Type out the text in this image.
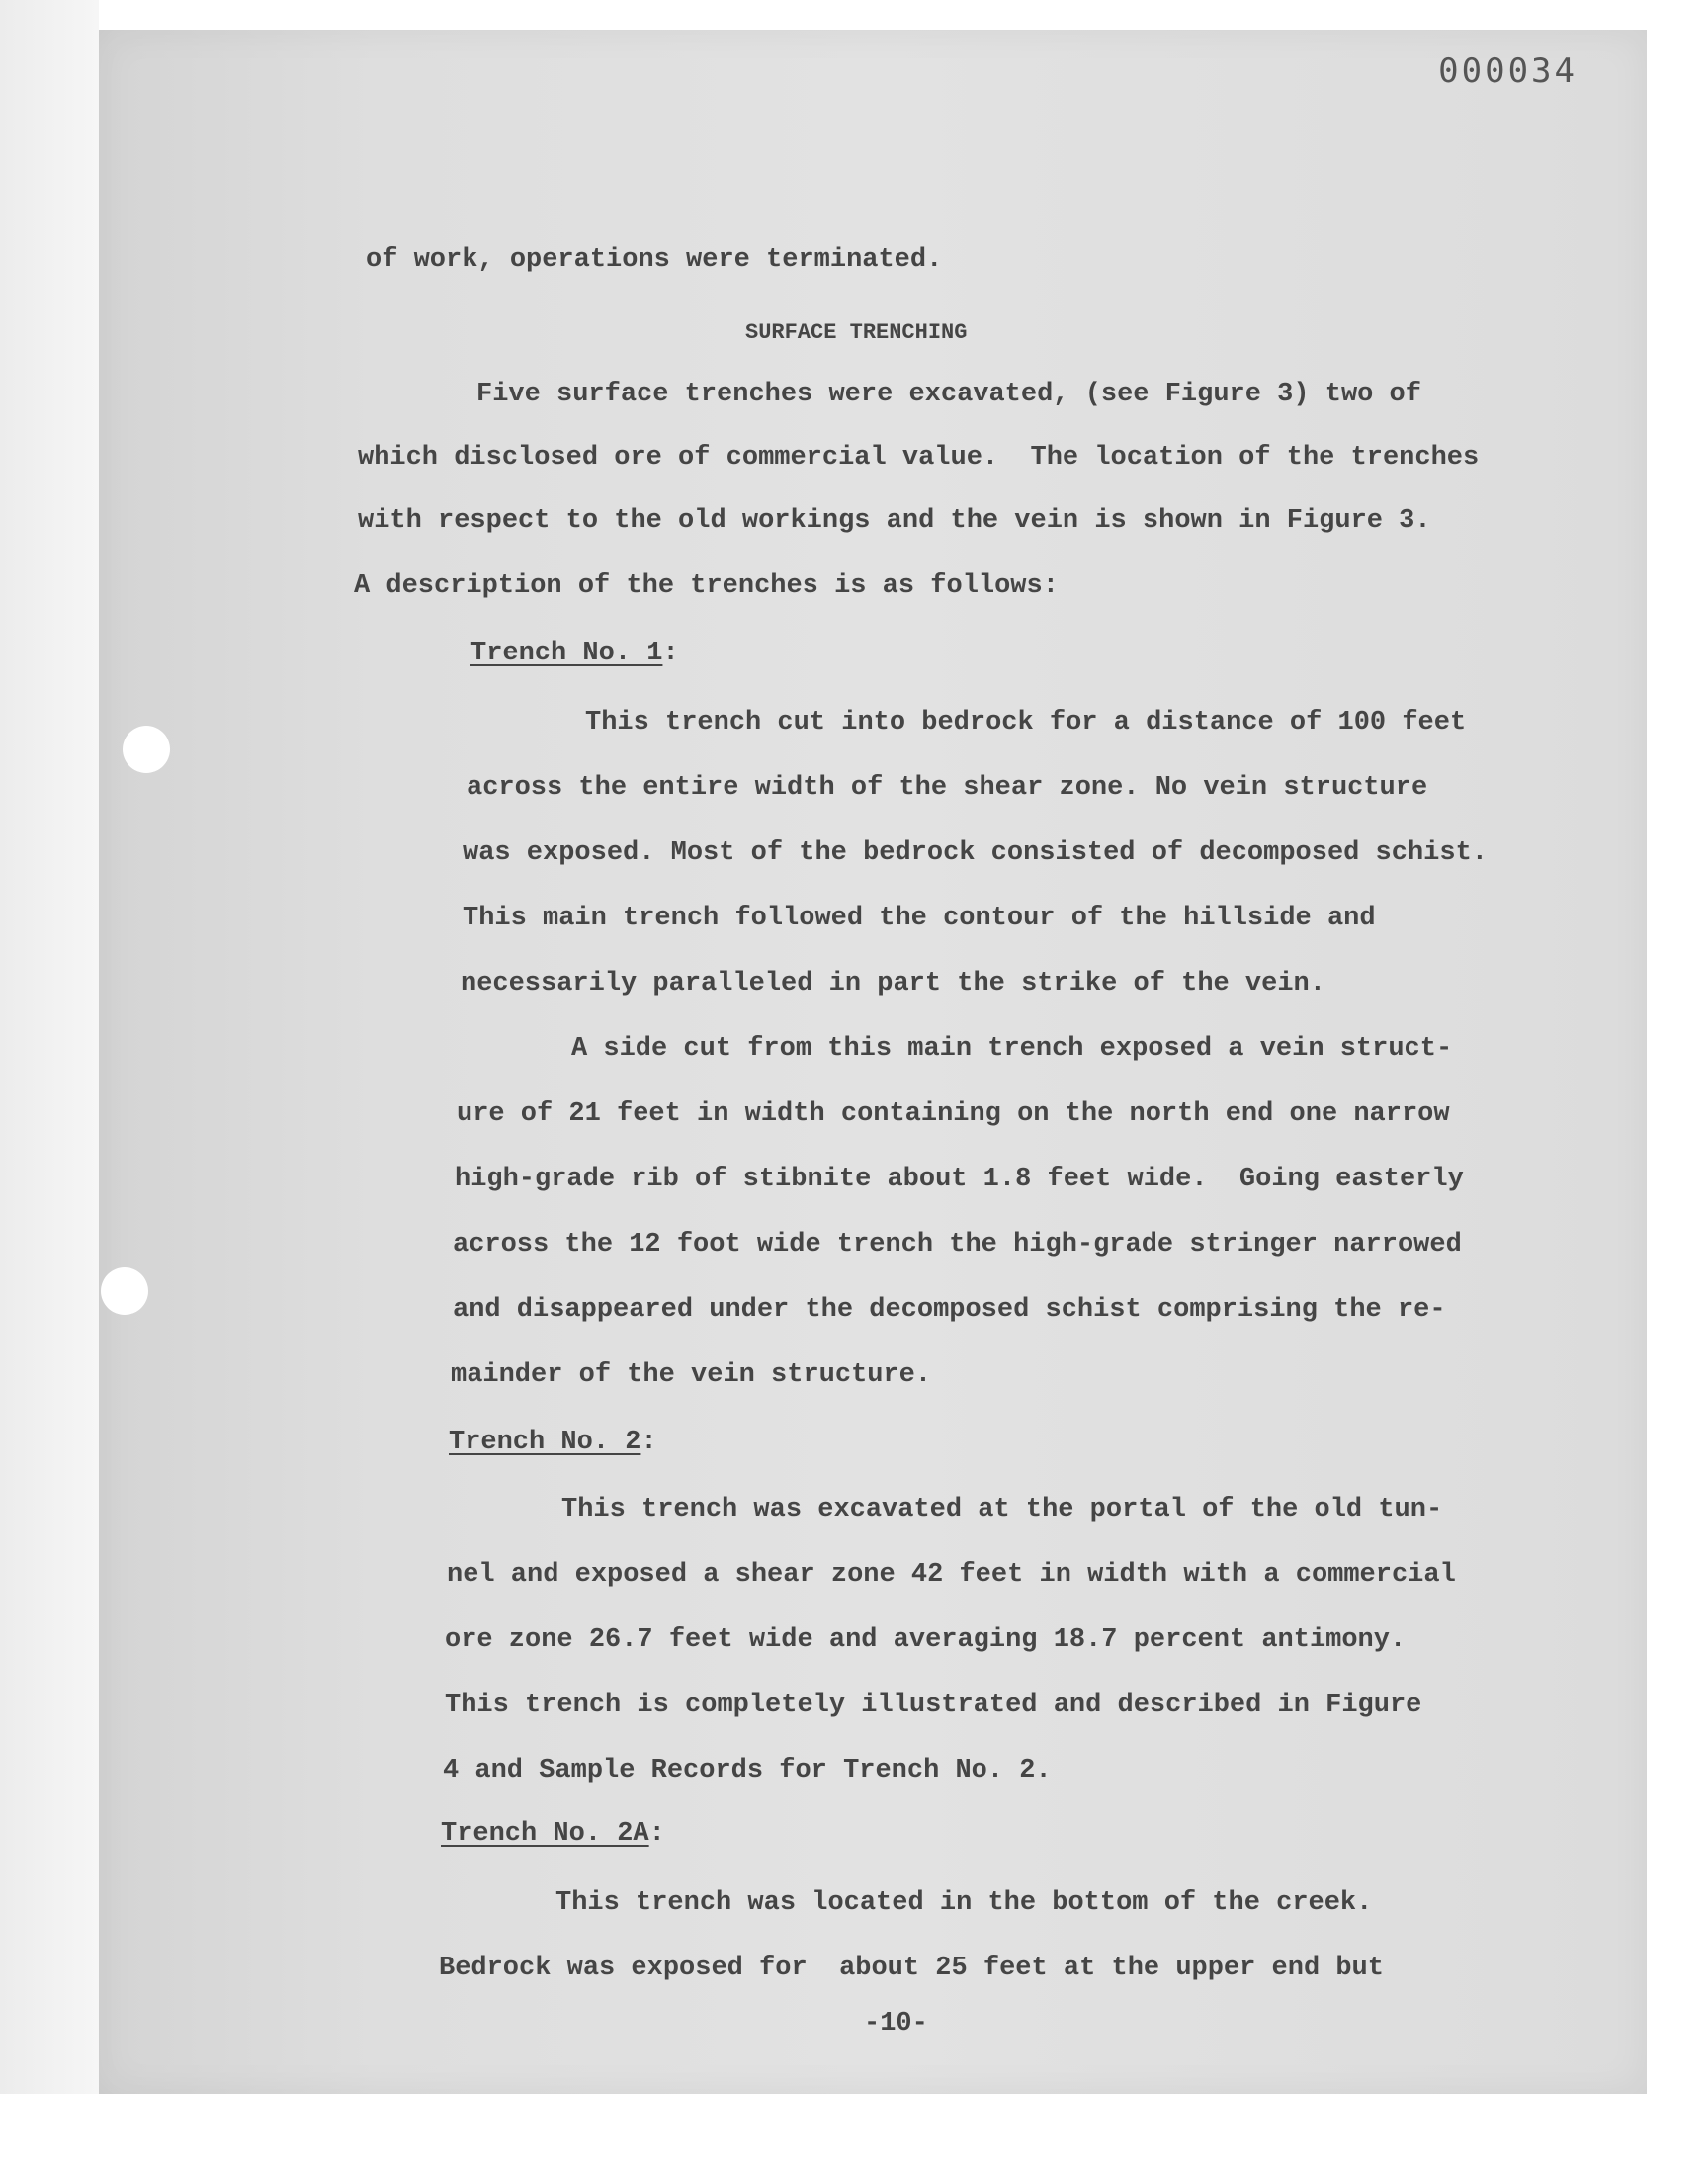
000034
of work, operations were terminated.
SURFACE TRENCHING
Five surface trenches were excavated, (see Figure 3) two of
which disclosed ore of commercial value.  The location of the trenches
with respect to the old workings and the vein is shown in Figure 3.
A description of the trenches is as follows:
Trench No. 1:
This trench cut into bedrock for a distance of 100 feet
across the entire width of the shear zone. No vein structure
was exposed. Most of the bedrock consisted of decomposed schist.
This main trench followed the contour of the hillside and
necessarily paralleled in part the strike of the vein.
A side cut from this main trench exposed a vein struct-
ure of 21 feet in width containing on the north end one narrow
high-grade rib of stibnite about 1.8 feet wide.  Going easterly
across the 12 foot wide trench the high-grade stringer narrowed
and disappeared under the decomposed schist comprising the re-
mainder of the vein structure.
Trench No. 2:
This trench was excavated at the portal of the old tun-
nel and exposed a shear zone 42 feet in width with a commercial
ore zone 26.7 feet wide and averaging 18.7 percent antimony.
This trench is completely illustrated and described in Figure
4 and Sample Records for Trench No. 2.
Trench No. 2A:
This trench was located in the bottom of the creek.
Bedrock was exposed for  about 25 feet at the upper end but
-10-
